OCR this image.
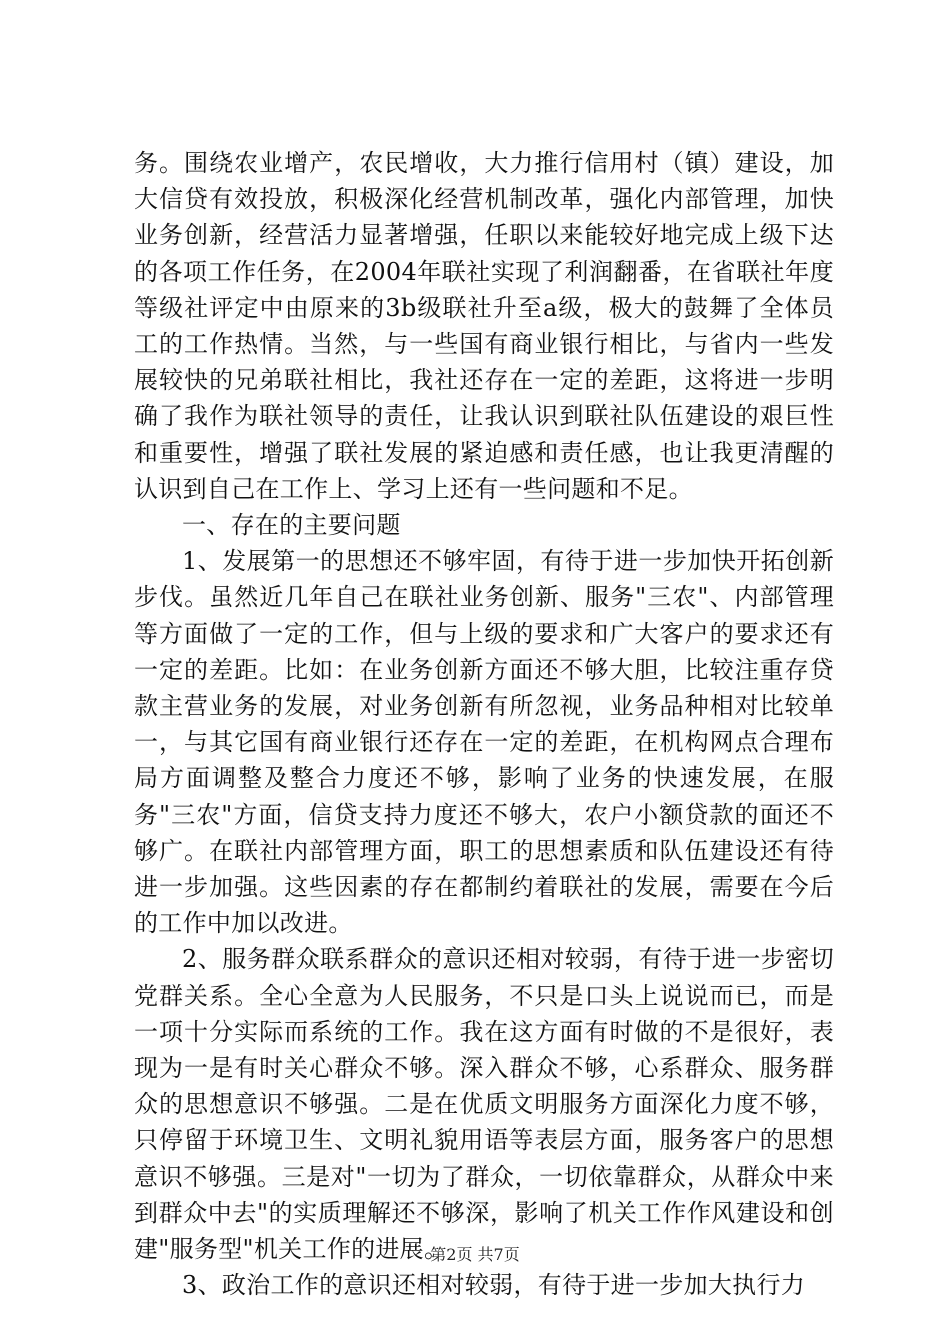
务。围绕农业增产，农民增收，大力推行信用村（镇）建设，加大信贷有效投放，积极深化经营机制改革，强化内部管理，加快业务创新，经营活力显著增强，任职以来能较好地完成上级下达的各项工作任务，在2004年联社实现了利润翻番，在省联社年度等级社评定中由原来的3b级联社升至a级，极大的鼓舞了全体员工的工作热情。当然，与一些国有商业银行相比，与省内一些发展较快的兄弟联社相比，我社还存在一定的差距，这将进一步明确了我作为联社领导的责任，让我认识到联社队伍建设的艰巨性和重要性，增强了联社发展的紧迫感和责任感，也让我更清醒的认识到自己在工作上、学习上还有一些问题和不足。

一、存在的主要问题

1、发展第一的思想还不够牢固，有待于进一步加快开拓创新步伐。虽然近几年自己在联社业务创新、服务"三农"、内部管理等方面做了一定的工作，但与上级的要求和广大客户的要求还有一定的差距。比如：在业务创新方面还不够大胆，比较注重存贷款主营业务的发展，对业务创新有所忽视，业务品种相对比较单一，与其它国有商业银行还存在一定的差距，在机构网点合理布局方面调整及整合力度还不够，影响了业务的快速发展，在服务"三农"方面，信贷支持力度还不够大，农户小额贷款的面还不够广。在联社内部管理方面，职工的思想素质和队伍建设还有待进一步加强。这些因素的存在都制约着联社的发展，需要在今后的工作中加以改进。

2、服务群众联系群众的意识还相对较弱，有待于进一步密切党群关系。全心全意为人民服务，不只是口头上说说而已，而是一项十分实际而系统的工作。我在这方面有时做的不是很好，表现为一是有时关心群众不够。深入群众不够，心系群众、服务群众的思想意识不够强。二是在优质文明服务方面深化力度不够，只停留于环境卫生、文明礼貌用语等表层方面，服务客户的思想意识不够强。三是对"一切为了群众，一切依靠群众，从群众中来到群众中去"的实质理解还不够深，影响了机关工作作风建设和创建"服务型"机关工作的进展。

3、政治工作的意识还相对较弱，有待于进一步加大执行力

第2页 共7页
